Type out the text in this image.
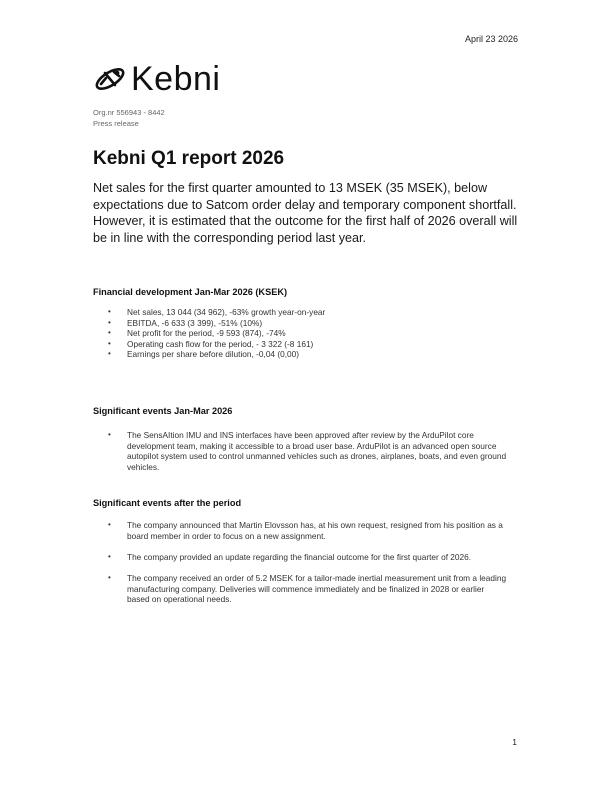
April 23 2026
Kebni
Org.nr 556943 - 8442
Press release
Kebni Q1 report 2026

Net sales for the first quarter amounted to 13 MSEK (35 MSEK), below expectations due to Satcom order delay and temporary component shortfall. However, it is estimated that the outcome for the first half of 2026 overall will be in line with the corresponding period last year.

Financial development Jan-Mar 2026 (KSEK)
• Net sales, 13 044 (34 962), -63% growth year-on-year
• EBITDA, -6 633 (3 399), -51% (10%)
• Net profit for the period, -9 593 (874), -74%
• Operating cash flow for the period, - 3 322 (-8 161)
• Earnings per share before dilution, -0,04 (0,00)
Significant events Jan-Mar 2026
• The SensAItion IMU and INS interfaces have been approved after review by the ArduPilot core development team, making it accessible to a broad user base. ArduPilot is an advanced open source autopilot system used to control unmanned vehicles such as drones, airplanes, boats, and even ground vehicles.
Significant events after the period
• The company announced that Martin Elovsson has, at his own request, resigned from his position as a board member in order to focus on a new assignment.
• The company provided an update regarding the financial outcome for the first quarter of 2026.
• The company received an order of 5.2 MSEK for a tailor-made inertial measurement unit from a leading manufacturing company. Deliveries will commence immediately and be finalized in 2028 or earlier based on operational needs.
1
